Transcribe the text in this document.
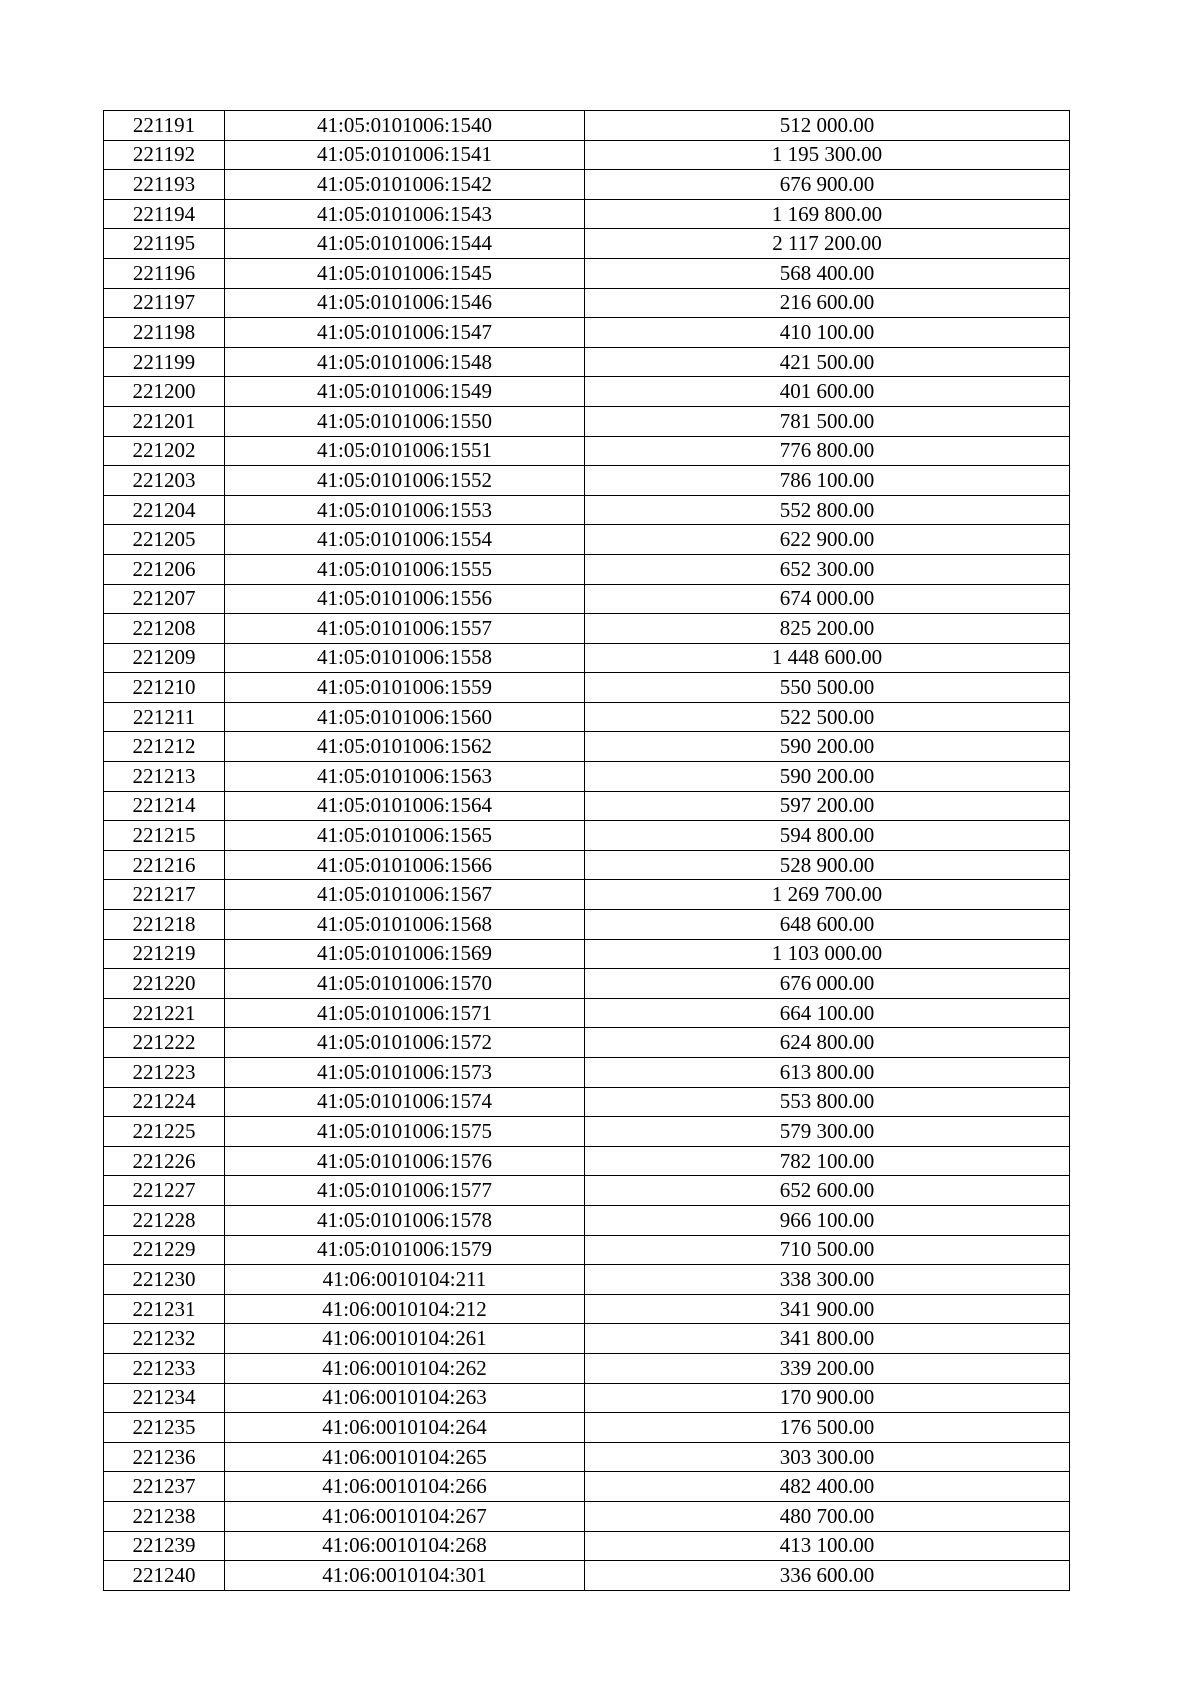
221191	41:05:0101006:1540	512 000.00
221192	41:05:0101006:1541	1 195 300.00
221193	41:05:0101006:1542	676 900.00
221194	41:05:0101006:1543	1 169 800.00
221195	41:05:0101006:1544	2 117 200.00
221196	41:05:0101006:1545	568 400.00
221197	41:05:0101006:1546	216 600.00
221198	41:05:0101006:1547	410 100.00
221199	41:05:0101006:1548	421 500.00
221200	41:05:0101006:1549	401 600.00
221201	41:05:0101006:1550	781 500.00
221202	41:05:0101006:1551	776 800.00
221203	41:05:0101006:1552	786 100.00
221204	41:05:0101006:1553	552 800.00
221205	41:05:0101006:1554	622 900.00
221206	41:05:0101006:1555	652 300.00
221207	41:05:0101006:1556	674 000.00
221208	41:05:0101006:1557	825 200.00
221209	41:05:0101006:1558	1 448 600.00
221210	41:05:0101006:1559	550 500.00
221211	41:05:0101006:1560	522 500.00
221212	41:05:0101006:1562	590 200.00
221213	41:05:0101006:1563	590 200.00
221214	41:05:0101006:1564	597 200.00
221215	41:05:0101006:1565	594 800.00
221216	41:05:0101006:1566	528 900.00
221217	41:05:0101006:1567	1 269 700.00
221218	41:05:0101006:1568	648 600.00
221219	41:05:0101006:1569	1 103 000.00
221220	41:05:0101006:1570	676 000.00
221221	41:05:0101006:1571	664 100.00
221222	41:05:0101006:1572	624 800.00
221223	41:05:0101006:1573	613 800.00
221224	41:05:0101006:1574	553 800.00
221225	41:05:0101006:1575	579 300.00
221226	41:05:0101006:1576	782 100.00
221227	41:05:0101006:1577	652 600.00
221228	41:05:0101006:1578	966 100.00
221229	41:05:0101006:1579	710 500.00
221230	41:06:0010104:211	338 300.00
221231	41:06:0010104:212	341 900.00
221232	41:06:0010104:261	341 800.00
221233	41:06:0010104:262	339 200.00
221234	41:06:0010104:263	170 900.00
221235	41:06:0010104:264	176 500.00
221236	41:06:0010104:265	303 300.00
221237	41:06:0010104:266	482 400.00
221238	41:06:0010104:267	480 700.00
221239	41:06:0010104:268	413 100.00
221240	41:06:0010104:301	336 600.00
